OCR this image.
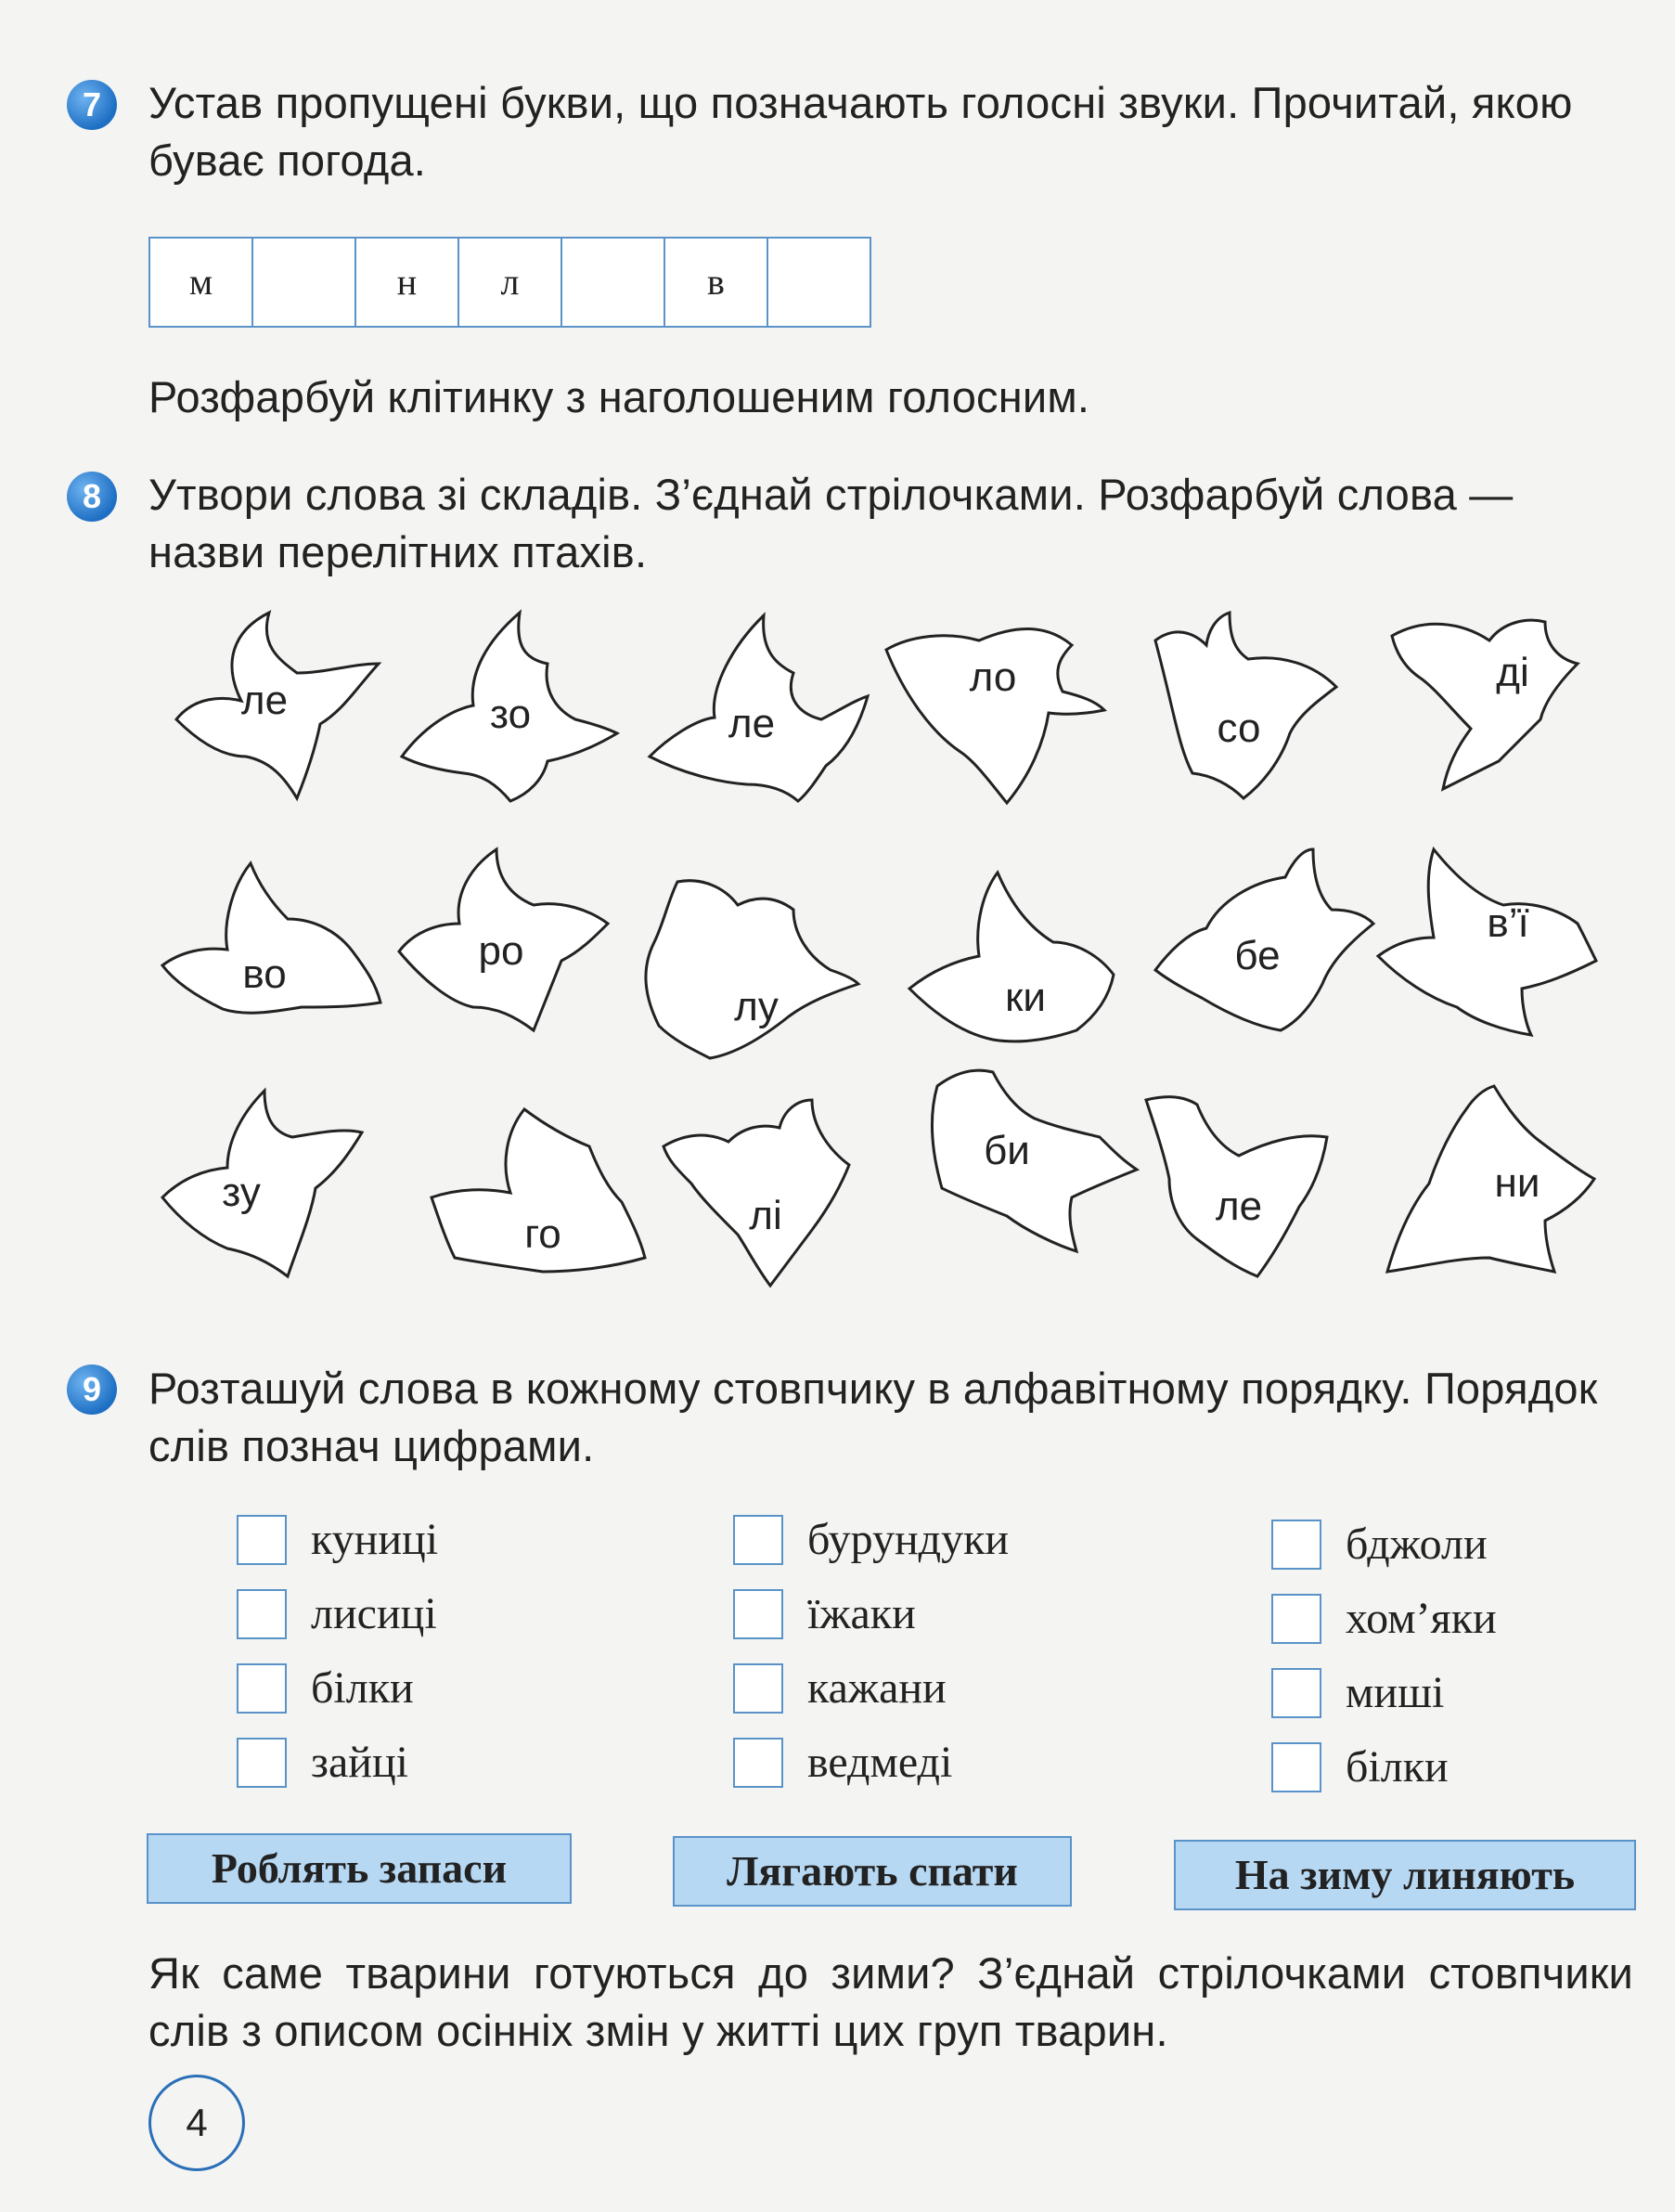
7	Устав пропущені букви, що позначають голосні звуки. Прочитай, якою буває погода.
м	н	л	в
Розфарбуй клітинку з наголошеним голосним.
8	Утвори слова зі складів. З’єднай стрілочками. Розфарбуй слова — назви перелітних птахів.
ле	зо	ле
ло
со
ді
во
ро
лу	ки
бе
в’ї
зу
го	лі
би
ле
ни
9	Розташуй слова в кожному стовпчику в алфавітному порядку. Порядок слів познач цифрами.
куниці
лисиці
білки
зайці
бурундуки
їжаки
кажани
ведмеді
бджоли
хом’яки
миші
білки
Роблять запаси	Лягають спати	На зиму линяють
Як саме тварини готуються до зими? З’єднай стрілочками стовпчики слів з описом осінніх змін у житті цих груп тварин.
4
